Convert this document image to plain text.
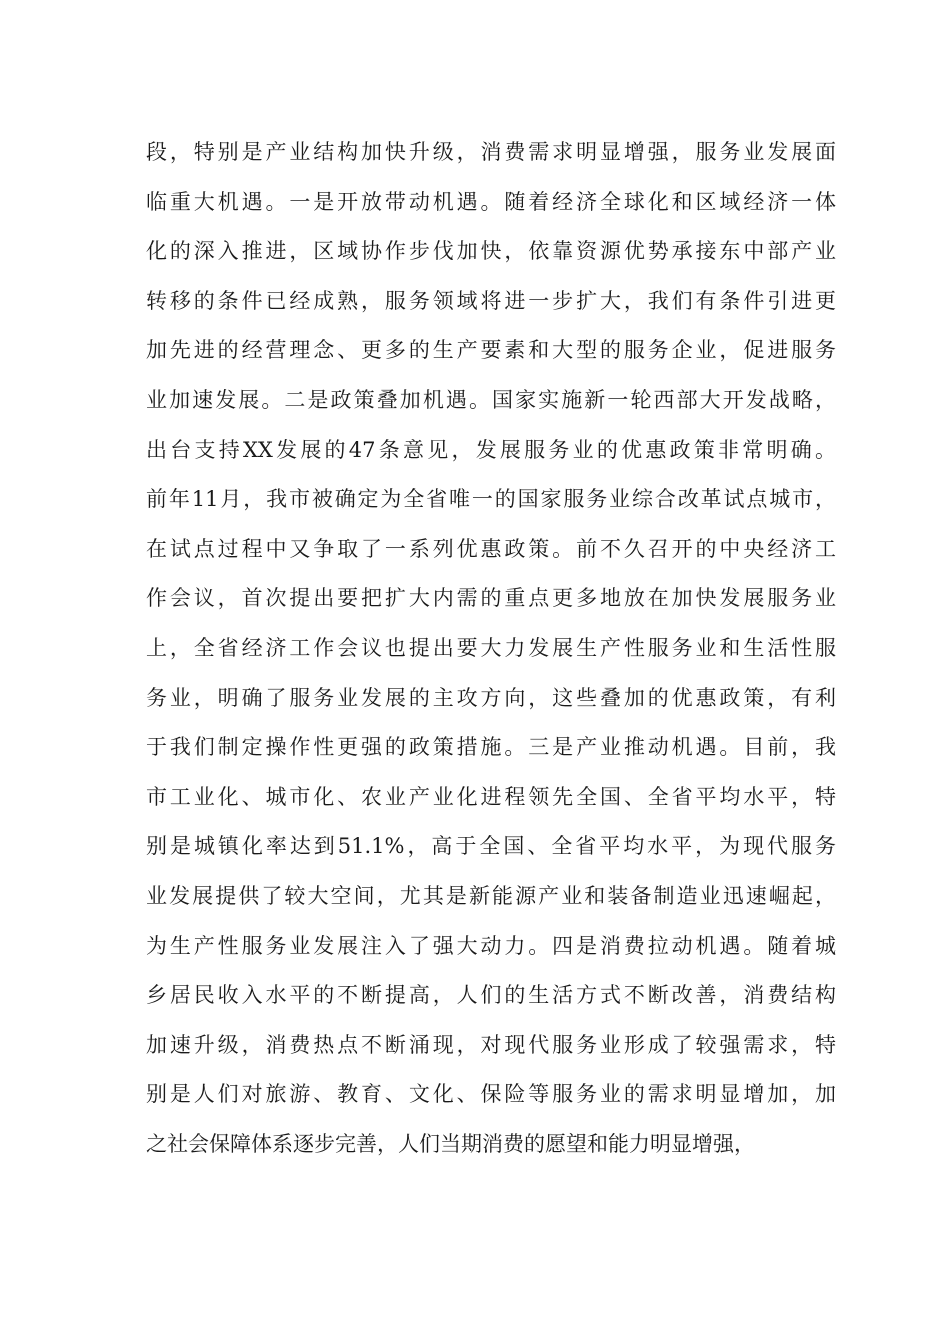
段，特别是产业结构加快升级，消费需求明显增强，服务业发展面
临重大机遇。一是开放带动机遇。随着经济全球化和区域经济一体
化的深入推进，区域协作步伐加快，依靠资源优势承接东中部产业
转移的条件已经成熟，服务领域将进一步扩大，我们有条件引进更
加先进的经营理念、更多的生产要素和大型的服务企业，促进服务
业加速发展。二是政策叠加机遇。国家实施新一轮西部大开发战略，
出台支持XX发展的47条意见，发展服务业的优惠政策非常明确。
前年11月，我市被确定为全省唯一的国家服务业综合改革试点城市，
在试点过程中又争取了一系列优惠政策。前不久召开的中央经济工
作会议，首次提出要把扩大内需的重点更多地放在加快发展服务业
上，全省经济工作会议也提出要大力发展生产性服务业和生活性服
务业，明确了服务业发展的主攻方向，这些叠加的优惠政策，有利
于我们制定操作性更强的政策措施。三是产业推动机遇。目前，我
市工业化、城市化、农业产业化进程领先全国、全省平均水平，特
别是城镇化率达到51.1%，高于全国、全省平均水平，为现代服务
业发展提供了较大空间，尤其是新能源产业和装备制造业迅速崛起，
为生产性服务业发展注入了强大动力。四是消费拉动机遇。随着城
乡居民收入水平的不断提高，人们的生活方式不断改善，消费结构
加速升级，消费热点不断涌现，对现代服务业形成了较强需求，特
别是人们对旅游、教育、文化、保险等服务业的需求明显增加，加
之社会保障体系逐步完善，人们当期消费的愿望和能力明显增强，
